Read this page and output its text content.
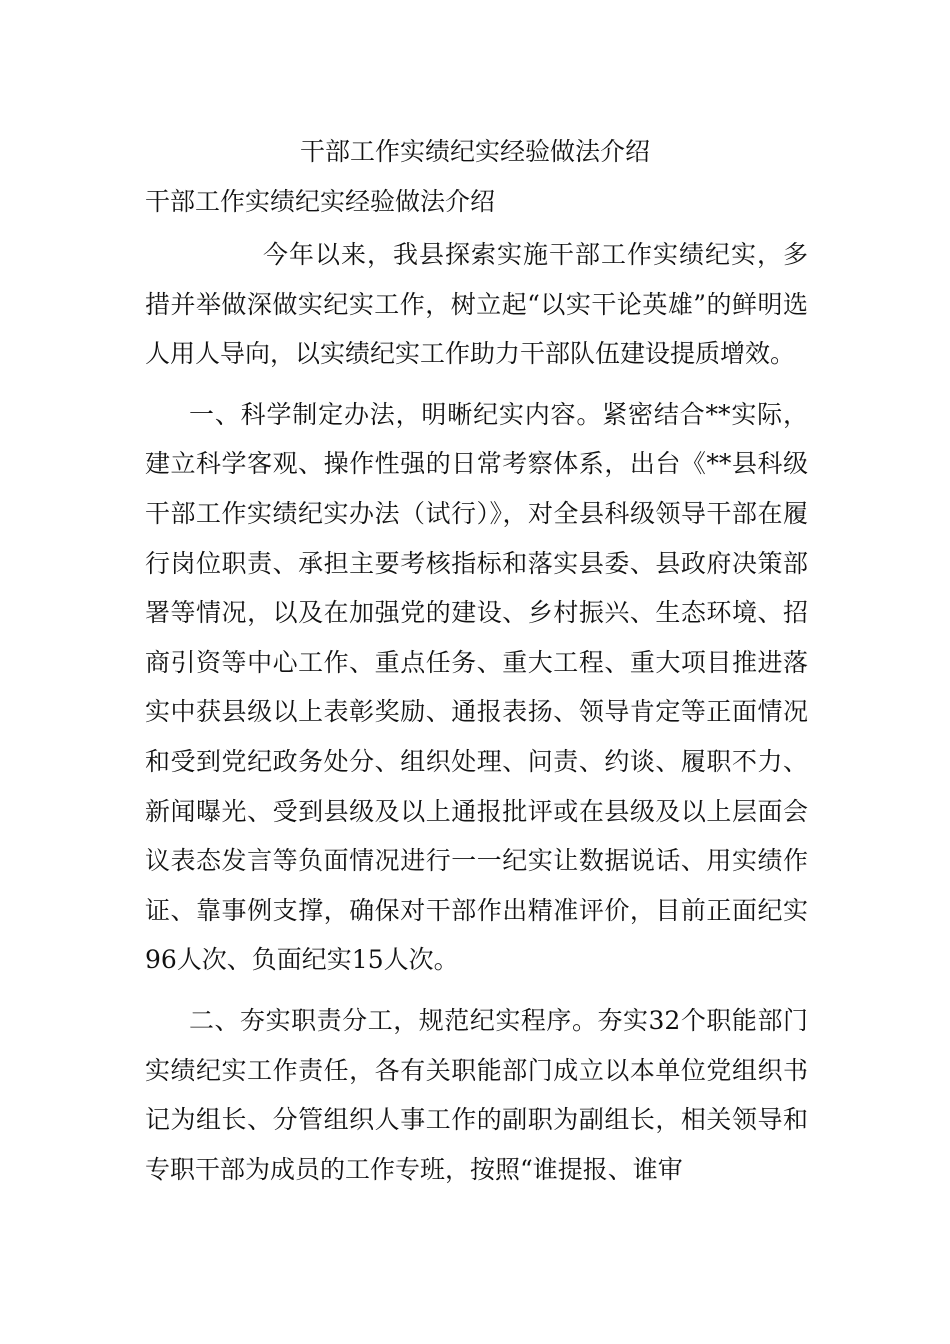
干部工作实绩纪实经验做法介绍
干部工作实绩纪实经验做法介绍

今年以来，我县探索实施干部工作实绩纪实，多措并举做深做实纪实工作，树立起“以实干论英雄”的鲜明选人用人导向，以实绩纪实工作助力干部队伍建设提质增效。

一、科学制定办法，明晰纪实内容。紧密结合**实际，建立科学客观、操作性强的日常考察体系，出台《**县科级干部工作实绩纪实办法（试行）》，对全县科级领导干部在履行岗位职责、承担主要考核指标和落实县委、县政府决策部署等情况，以及在加强党的建设、乡村振兴、生态环境、招商引资等中心工作、重点任务、重大工程、重大项目推进落实中获县级以上表彰奖励、通报表扬、领导肯定等正面情况和受到党纪政务处分、组织处理、问责、约谈、履职不力、新闻曝光、受到县级及以上通报批评或在县级及以上层面会议表态发言等负面情况进行一一纪实让数据说话、用实绩作证、靠事例支撑，确保对干部作出精准评价，目前正面纪实96人次、负面纪实15人次。

二、夯实职责分工，规范纪实程序。夯实32个职能部门实绩纪实工作责任，各有关职能部门成立以本单位党组织书记为组长、分管组织人事工作的副职为副组长，相关领导和专职干部为成员的工作专班，按照“谁提报、谁审
